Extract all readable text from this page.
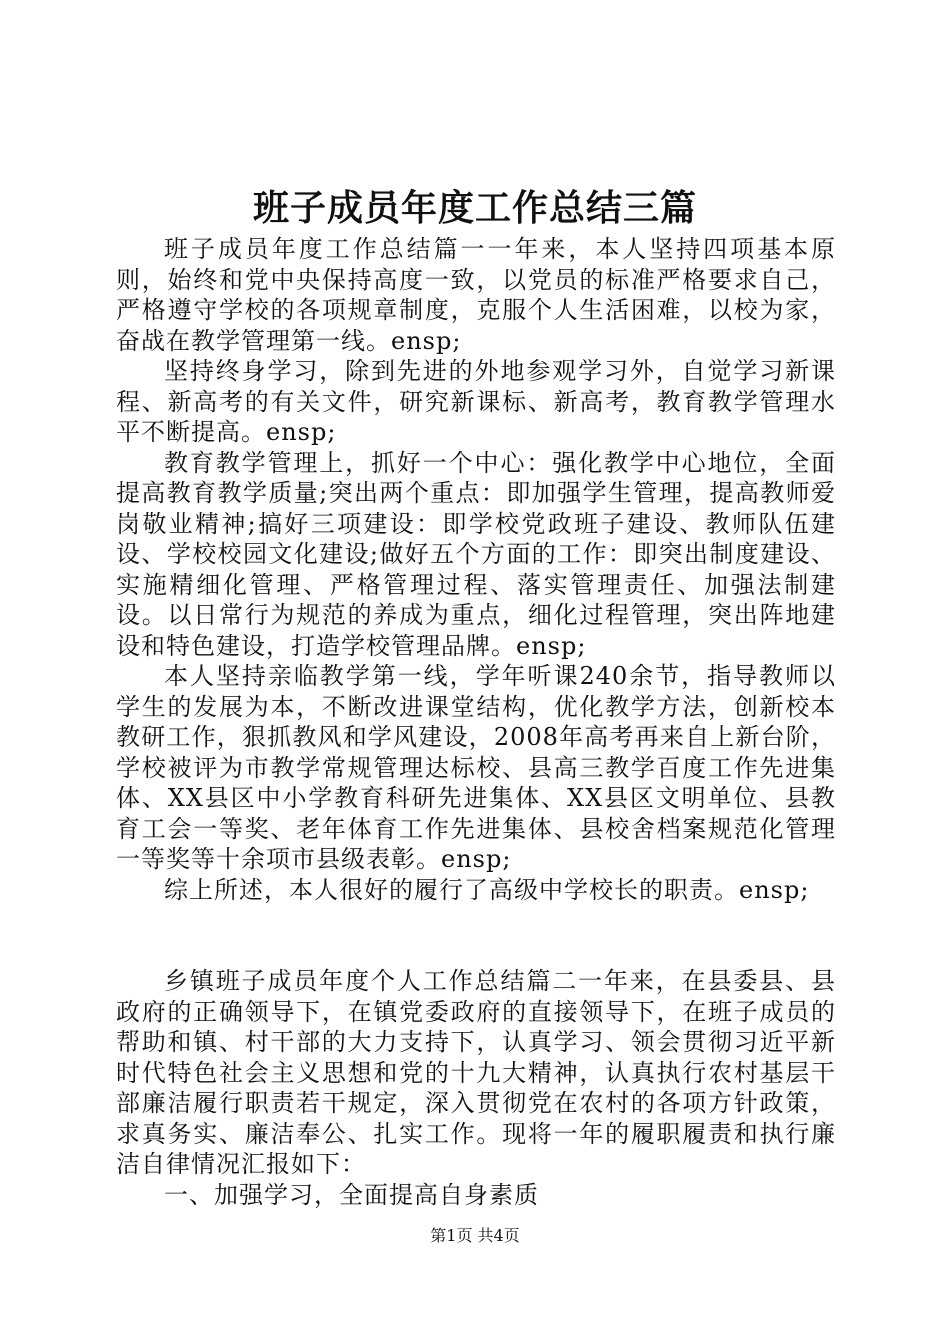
班子成员年度工作总结三篇

班子成员年度工作总结篇一一年来，本人坚持四项基本原则，始终和党中央保持高度一致，以党员的标准严格要求自己，严格遵守学校的各项规章制度，克服个人生活困难，以校为家，奋战在教学管理第一线。ensp;

坚持终身学习，除到先进的外地参观学习外，自觉学习新课程、新高考的有关文件，研究新课标、新高考，教育教学管理水平不断提高。ensp;

教育教学管理上，抓好一个中心：强化教学中心地位，全面提高教育教学质量;突出两个重点：即加强学生管理，提高教师爱岗敬业精神;搞好三项建设：即学校党政班子建设、教师队伍建设、学校校园文化建设;做好五个方面的工作：即突出制度建设、实施精细化管理、严格管理过程、落实管理责任、加强法制建设。以日常行为规范的养成为重点，细化过程管理，突出阵地建设和特色建设，打造学校管理品牌。ensp;

本人坚持亲临教学第一线，学年听课240余节，指导教师以学生的发展为本，不断改进课堂结构，优化教学方法，创新校本教研工作，狠抓教风和学风建设，2008年高考再来自上新台阶，学校被评为市教学常规管理达标校、县高三教学百度工作先进集体、XX县区中小学教育科研先进集体、XX县区文明单位、县教育工会一等奖、老年体育工作先进集体、县校舍档案规范化管理一等奖等十余项市县级表彰。ensp;

综上所述，本人很好的履行了高级中学校长的职责。ensp;

乡镇班子成员年度个人工作总结篇二一年来，在县委县、县政府的正确领导下，在镇党委政府的直接领导下，在班子成员的帮助和镇、村干部的大力支持下，认真学习、领会贯彻习近平新时代特色社会主义思想和党的十九大精神，认真执行农村基层干部廉洁履行职责若干规定，深入贯彻党在农村的各项方针政策，求真务实、廉洁奉公、扎实工作。现将一年的履职履责和执行廉洁自律情况汇报如下：

一、加强学习，全面提高自身素质

第1页 共4页
